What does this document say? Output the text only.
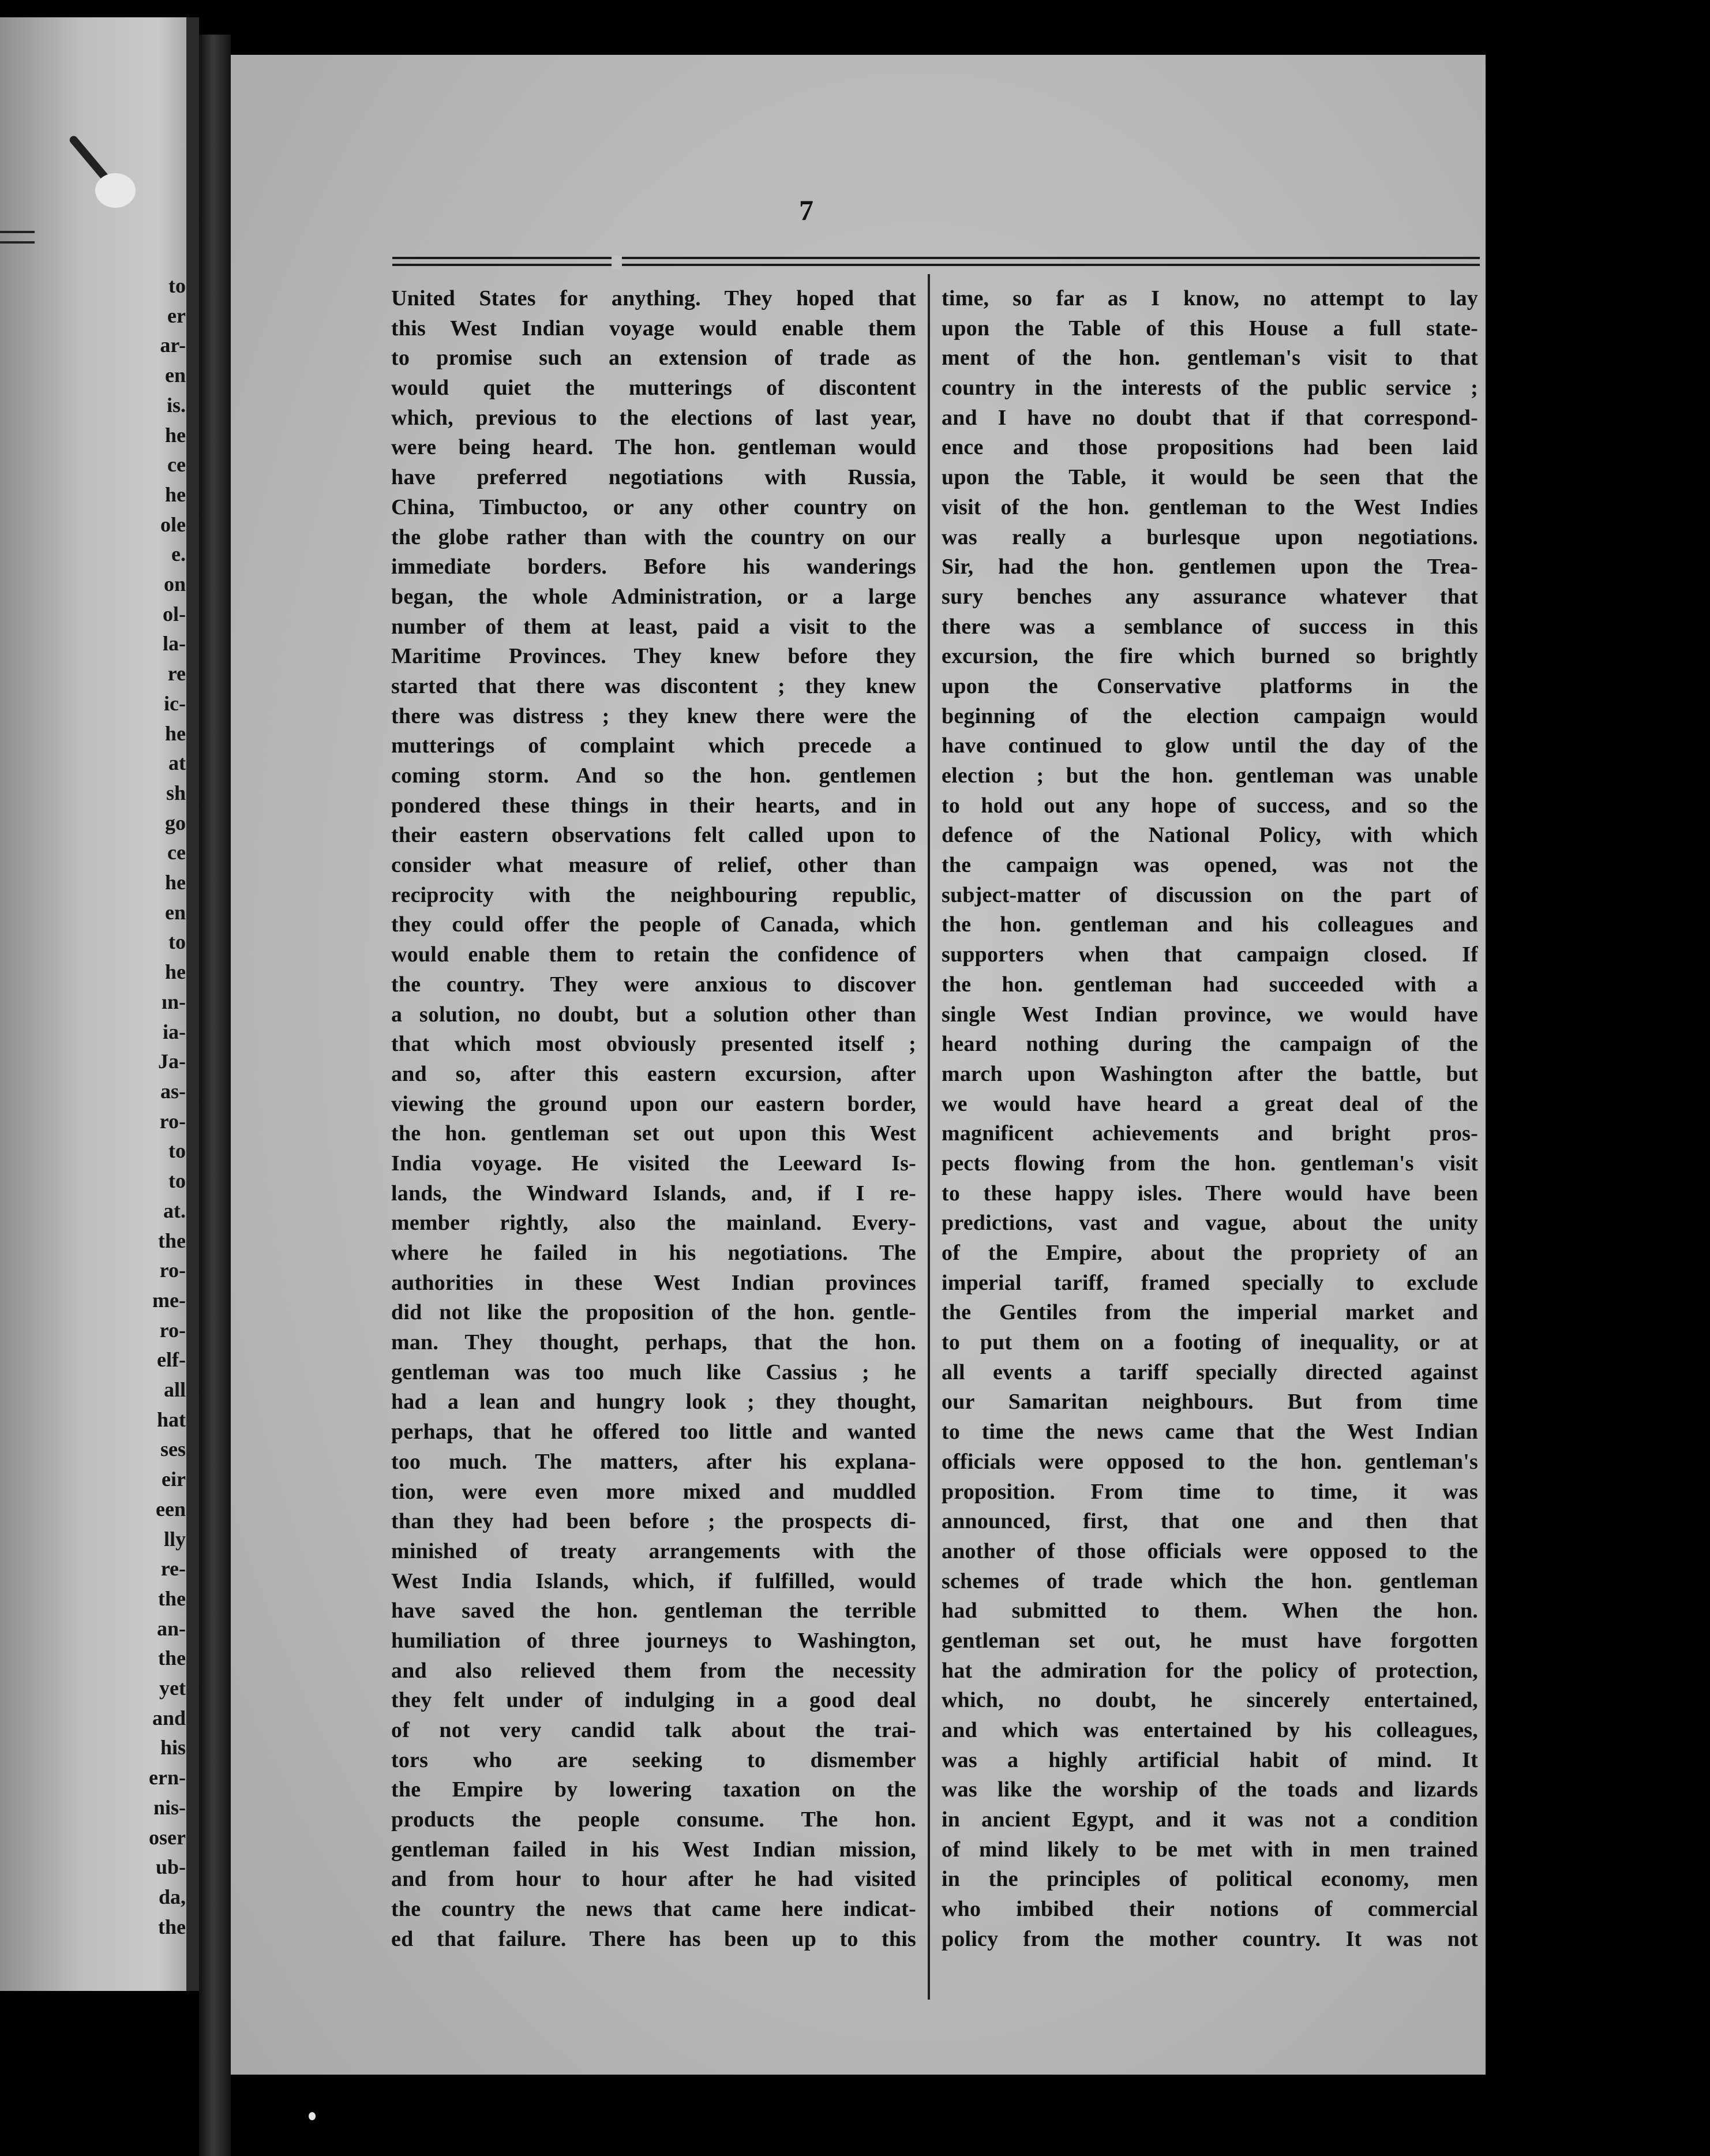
to
er
ar-
en
is.
he
ce
he
ole
e.
on
ol-
la-
re
ic-
he
at
sh
go
ce
he
en
to
he
ın-
ia-
Ja-
as-
ro-
to
to
at.
the
ro-
me-
ro-
elf-
all
hat
ses
eir
een
lly
re-
the
an-
the
yet
and
his
ern-
nis-
oser
ub-
da,
the
7
United States for anything. They hoped that
this West Indian voyage would enable them
to promise such an extension of trade as
would quiet the mutterings of discontent
which, previous to the elections of last year,
were being heard. The hon. gentleman would
have preferred negotiations with Russia,
China, Timbuctoo, or any other country on
the globe rather than with the country on our
immediate borders. Before his wanderings
began, the whole Administration, or a large
number of them at least, paid a visit to the
Maritime Provinces. They knew before they
started that there was discontent ; they knew
there was distress ; they knew there were the
mutterings of complaint which precede a
coming storm. And so the hon. gentlemen
pondered these things in their hearts, and in
their eastern observations felt called upon to
consider what measure of relief, other than
reciprocity with the neighbouring republic,
they could offer the people of Canada, which
would enable them to retain the confidence of
the country. They were anxious to discover
a solution, no doubt, but a solution other than
that which most obviously presented itself ;
and so, after this eastern excursion, after
viewing the ground upon our eastern border,
the hon. gentleman set out upon this West
India voyage. He visited the Leeward Is-
lands, the Windward Islands, and, if I re-
member rightly, also the mainland. Every-
where he failed in his negotiations. The
authorities in these West Indian provinces
did not like the proposition of the hon. gentle-
man. They thought, perhaps, that the hon.
gentleman was too much like Cassius ; he
had a lean and hungry look ; they thought,
perhaps, that he offered too little and wanted
too much. The matters, after his explana-
tion, were even more mixed and muddled
than they had been before ; the prospects di-
minished of treaty arrangements with the
West India Islands, which, if fulfilled, would
have saved the hon. gentleman the terrible
humiliation of three journeys to Washington,
and also relieved them from the necessity
they felt under of indulging in a good deal
of not very candid talk about the trai-
tors who are seeking to dismember
the Empire by lowering taxation on the
products the people consume. The hon.
gentleman failed in his West Indian mission,
and from hour to hour after he had visited
the country the news that came here indicat-
ed that failure. There has been up to this
time, so far as I know, no attempt to lay
upon the Table of this House a full state-
ment of the hon. gentleman's visit to that
country in the interests of the public service ;
and I have no doubt that if that correspond-
ence and those propositions had been laid
upon the Table, it would be seen that the
visit of the hon. gentleman to the West Indies
was really a burlesque upon negotiations.
Sir, had the hon. gentlemen upon the Trea-
sury benches any assurance whatever that
there was a semblance of success in this
excursion, the fire which burned so brightly
upon the Conservative platforms in the
beginning of the election campaign would
have continued to glow until the day of the
election ; but the hon. gentleman was unable
to hold out any hope of success, and so the
defence of the National Policy, with which
the campaign was opened, was not the
subject-matter of discussion on the part of
the hon. gentleman and his colleagues and
supporters when that campaign closed. If
the hon. gentleman had succeeded with a
single West Indian province, we would have
heard nothing during the campaign of the
march upon Washington after the battle, but
we would have heard a great deal of the
magnificent achievements and bright pros-
pects flowing from the hon. gentleman's visit
to these happy isles. There would have been
predictions, vast and vague, about the unity
of the Empire, about the propriety of an
imperial tariff, framed specially to exclude
the Gentiles from the imperial market and
to put them on a footing of inequality, or at
all events a tariff specially directed against
our Samaritan neighbours. But from time
to time the news came that the West Indian
officials were opposed to the hon. gentleman's
proposition. From time to time, it was
announced, first, that one and then that
another of those officials were opposed to the
schemes of trade which the hon. gentleman
had submitted to them. When the hon.
gentleman set out, he must have forgotten
hat the admiration for the policy of protection,
which, no doubt, he sincerely entertained,
and which was entertained by his colleagues,
was a highly artificial habit of mind. It
was like the worship of the toads and lizards
in ancient Egypt, and it was not a condition
of mind likely to be met with in men trained
in the principles of political economy, men
who imbibed their notions of commercial
policy from the mother country. It was not
